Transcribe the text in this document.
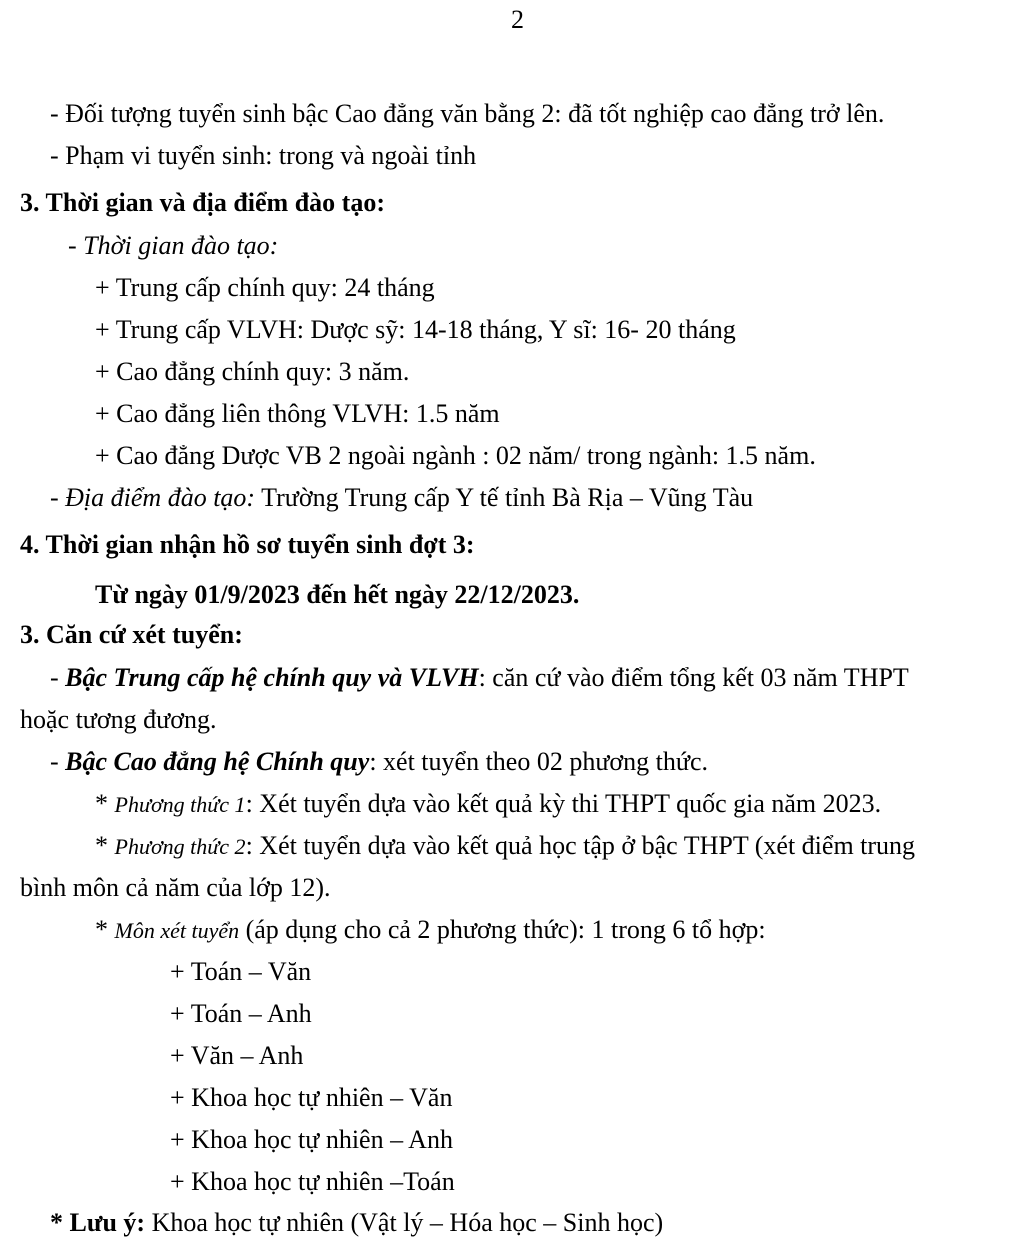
2
- Đối tượng tuyển sinh bậc Cao đẳng văn bằng 2: đã tốt nghiệp cao đẳng trở lên.
- Phạm vi tuyển sinh: trong và ngoài tỉnh
3. Thời gian và địa điểm đào tạo:
- Thời gian đào tạo:
+ Trung cấp chính quy: 24 tháng
+ Trung cấp VLVH: Dược sỹ: 14-18 tháng, Y sĩ: 16- 20 tháng
+ Cao đẳng chính quy: 3 năm.
+ Cao đẳng liên thông VLVH: 1.5 năm
+ Cao đẳng Dược VB 2 ngoài ngành : 02 năm/ trong ngành: 1.5 năm.
- Địa điểm đào tạo: Trường Trung cấp Y tế tỉnh Bà Rịa – Vũng Tàu
4. Thời gian nhận hồ sơ tuyển sinh đợt 3:
Từ ngày 01/9/2023 đến hết ngày 22/12/2023.
3. Căn cứ xét tuyển:
- Bậc Trung cấp hệ chính quy và VLVH: căn cứ vào điểm tổng kết 03 năm THPT
hoặc tương đương.
- Bậc Cao đẳng hệ Chính quy: xét tuyển theo 02 phương thức.
* Phương thức 1: Xét tuyển dựa vào kết quả kỳ thi THPT quốc gia năm 2023.
* Phương thức 2: Xét tuyển dựa vào kết quả học tập ở bậc THPT (xét điểm trung
bình môn cả năm của lớp 12).
* Môn xét tuyển (áp dụng cho cả 2 phương thức): 1 trong 6 tổ hợp:
+ Toán – Văn
+ Toán – Anh
+ Văn – Anh
+ Khoa học tự nhiên – Văn
+ Khoa học tự nhiên – Anh
+ Khoa học tự nhiên –Toán
* Lưu ý: Khoa học tự nhiên (Vật lý – Hóa học – Sinh học)
